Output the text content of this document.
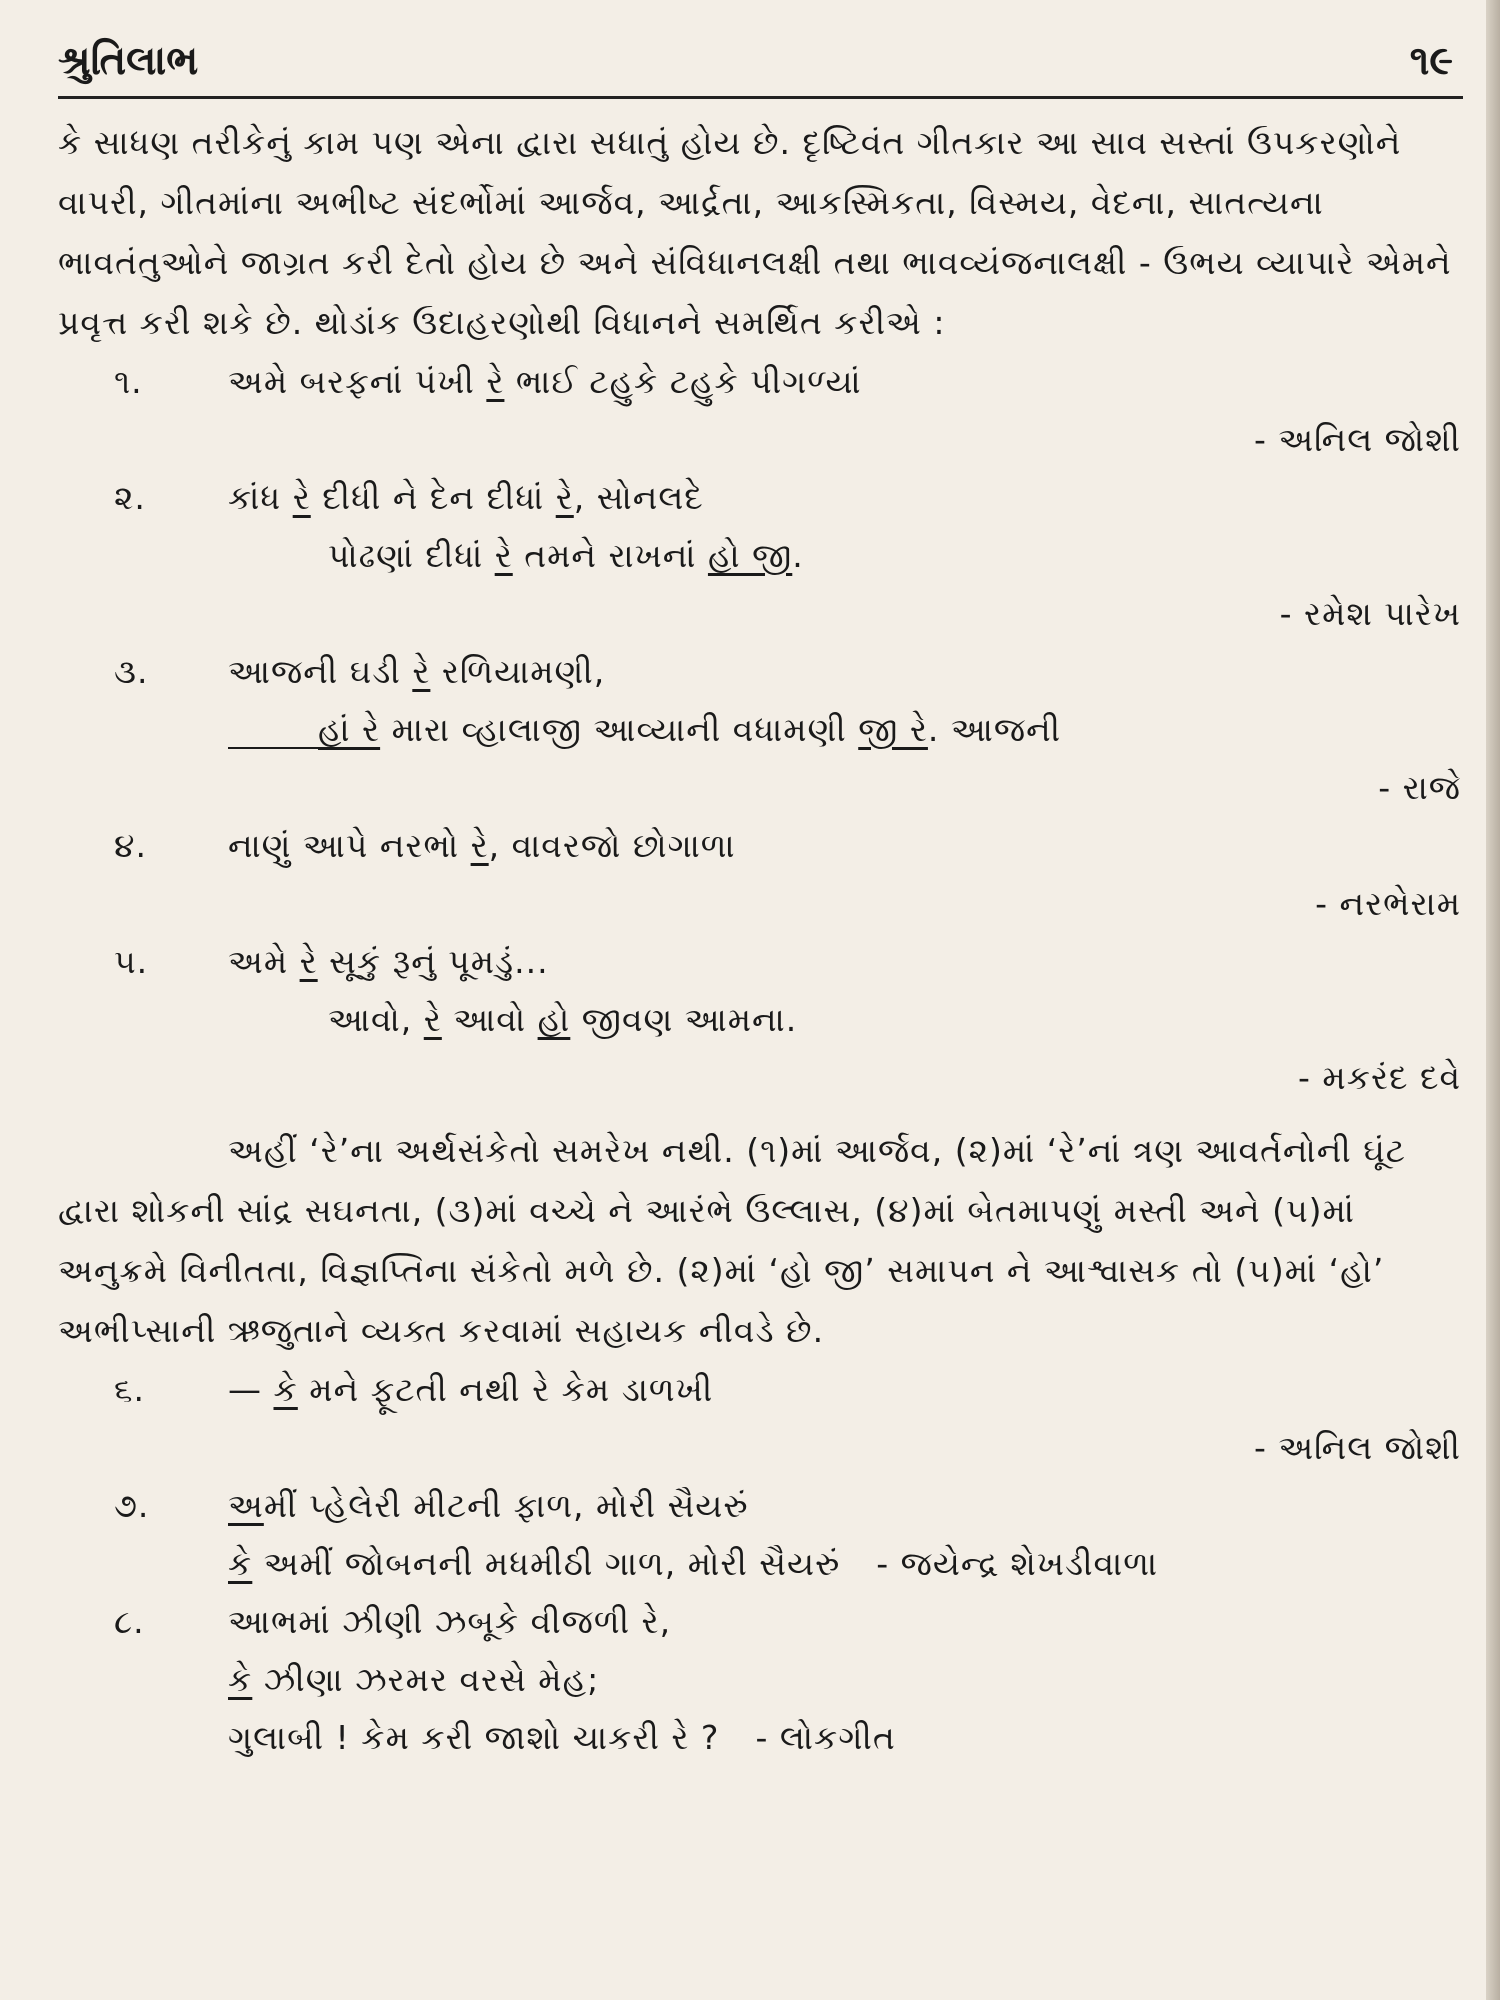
શ્રુતિલાભ	૧૯

કે સાધણ તરીકેનું કામ પણ એના દ્વારા સધાતું હોય છે. દૃષ્ટિવંત ગીતકાર આ સાવ સસ્તાં ઉપકરણોને વાપરી, ગીતમાંના અભીષ્ટ સંદર્ભોમાં આર્જવ, આર્દ્રતા, આકસ્મિકતા, વિસ્મય, વેદના, સાતત્યના ભાવતંતુઓને જાગ્રત કરી દેતો હોય છે અને સંવિધાનલક્ષી તથા ભાવવ્યંજનાલક્ષી - ઉભય વ્યાપારે એમને પ્રવૃત્ત કરી શકે છે. થોડાંક ઉદાહરણોથી વિધાનને સમર્થિત કરીએ :

૧.	અમે બરફનાં પંખી રે ભાઈ ટહુકે ટહુકે પીગળ્યાં
- અનિલ જોશી
૨. કાંધ રે દીધી ને દેન દીધાં રે, સોનલદે
પોઢણાં દીધાં રે તમને રાખનાં હો જી.
- રમેશ પારેખ
૩. આજની ઘડી રે રળિયામણી,
હાં રે મારા વ્હાલાજી આવ્યાની વધામણી જી રે. આજની
- રાજે
૪. નાણું આપે નરભો રે, વાવરજો છોગાળા
- નરભેરામ
૫. અમે રે સૂકું રૂનું પૂમડું...
આવો, રે આવો હો જીવણ આમના.
- મકરંદ દવે

અહીં ‘રે’ના અર્થસંકેતો સમરેખ નથી. (૧)માં આર્જવ, (૨)માં ‘રે’નાં ત્રણ આવર્તનોની ઘૂંટ દ્વારા શોકની સાંદ્ર સઘનતા, (૩)માં વચ્ચે ને આરંભે ઉલ્લાસ, (૪)માં બેતમાપણું મસ્તી અને (૫)માં અનુક્રમે વિનીતતા, વિજ્ઞપ્તિના સંકેતો મળે છે. (૨)માં ‘હો જી’ સમાપન ને આશ્વાસક તો (૫)માં ‘હો’ અભીપ્સાની ઋજુતાને વ્યક્ત કરવામાં સહાયક નીવડે છે.

૬.	— કે મને ફૂટતી નથી રે કેમ ડાળખી
- અનિલ જોશી
૭. અમીં પ્હેલેરી મીટની ફાળ, મોરી સૈયરું
કે અમીં જોબનની મધમીઠી ગાળ, મોરી સૈયરું - જયેન્દ્ર શેખડીવાળા
૮.	આભમાં ઝીણી ઝબૂકે વીજળી રે,
કે ઝીણા ઝરમર વરસે મેહ;
ગુલાબી ! કેમ કરી જાશો ચાકરી રે ? - લોકગીત
